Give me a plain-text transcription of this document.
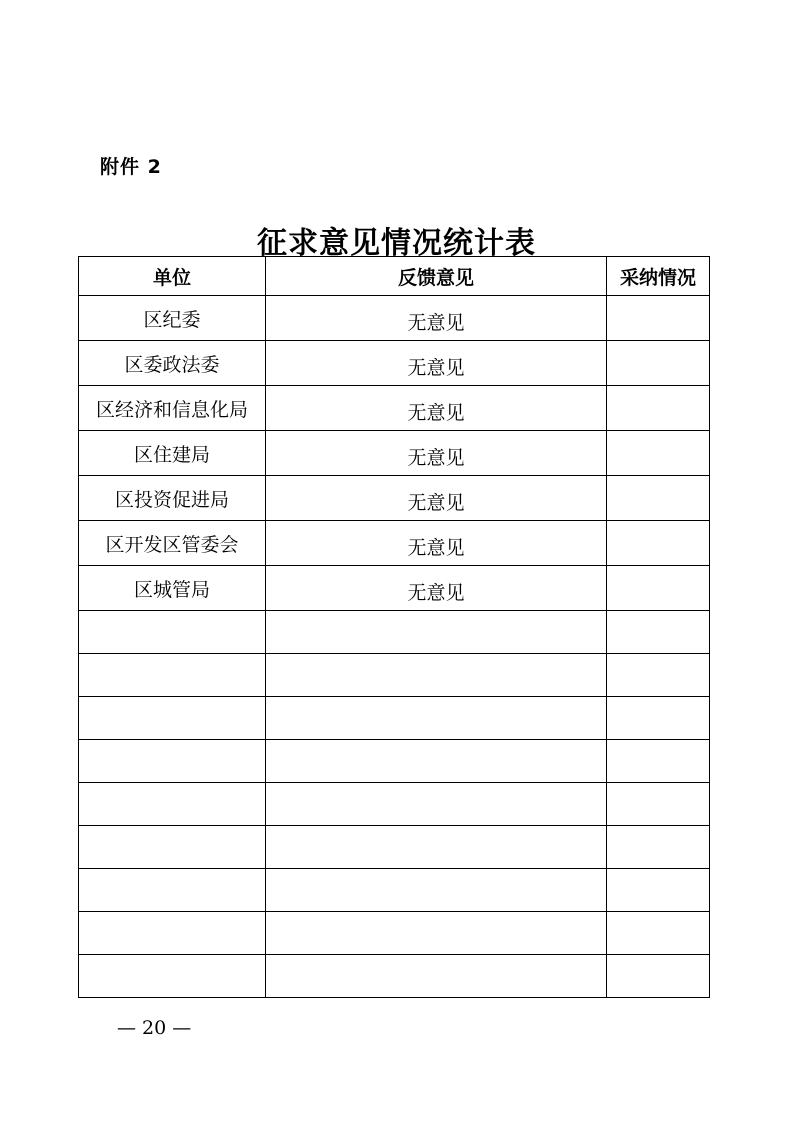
附件 2
征求意见情况统计表
单位	反馈意见	采纳情况
区纪委	无意见	
区委政法委	无意见	
区经济和信息化局	无意见	
区住建局	无意见	
区投资促进局	无意见	
区开发区管委会	无意见	
区城管局	无意见	

— 20 —
